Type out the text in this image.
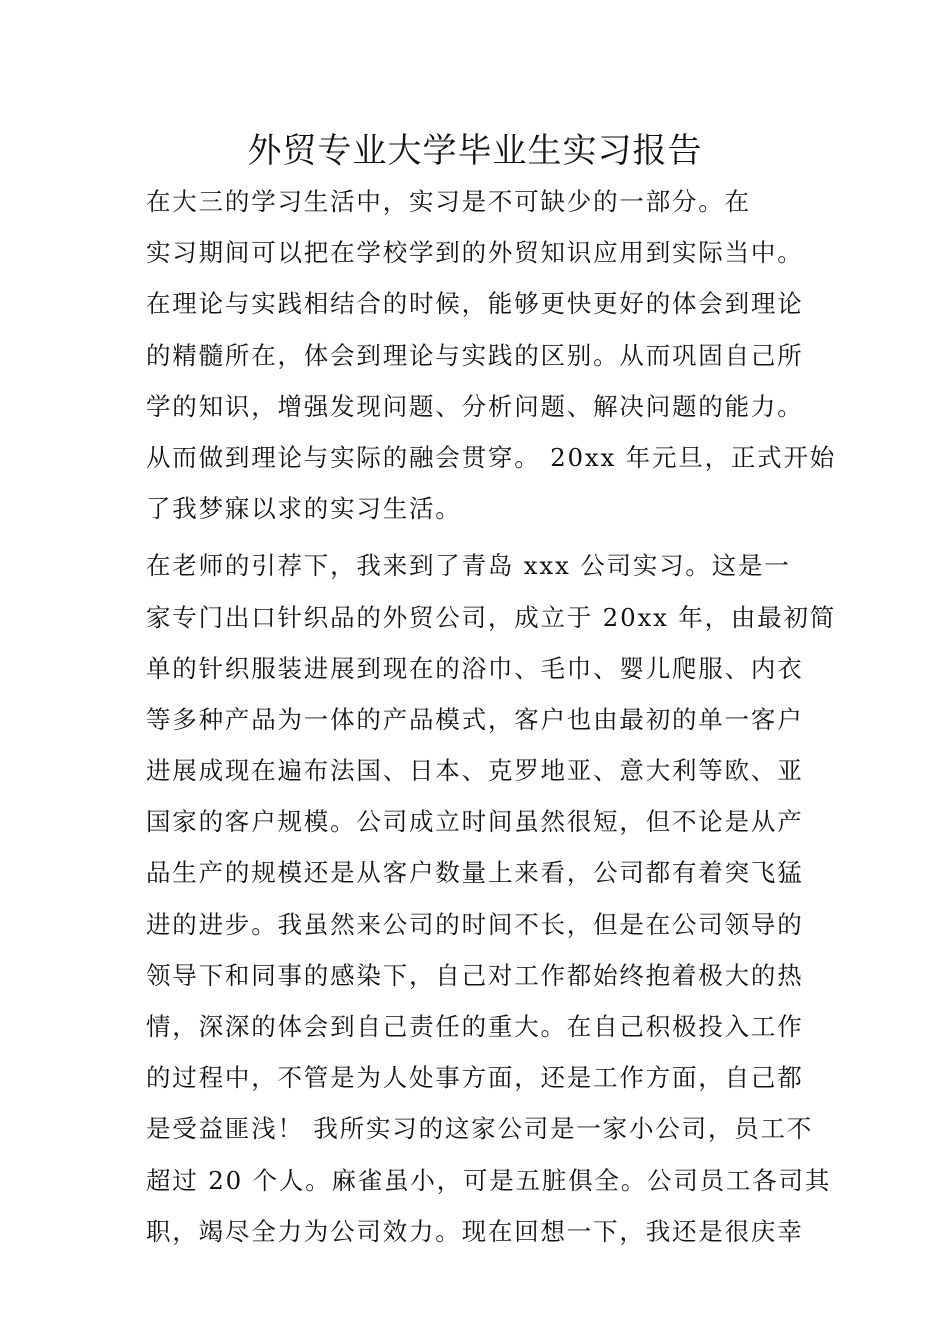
外贸专业大学毕业生实习报告
在大三的学习生活中，实习是不可缺少的一部分。在
实习期间可以把在学校学到的外贸知识应用到实际当中。
在理论与实践相结合的时候，能够更快更好的体会到理论
的精髓所在，体会到理论与实践的区别。从而巩固自己所
学的知识，增强发现问题、分析问题、解决问题的能力。
从而做到理论与实际的融会贯穿。 20xx 年元旦，正式开始
了我梦寐以求的实习生活。
在老师的引荐下，我来到了青岛 xxx 公司实习。这是一
家专门出口针织品的外贸公司，成立于 20xx 年，由最初简
单的针织服装进展到现在的浴巾、毛巾、婴儿爬服、内衣
等多种产品为一体的产品模式，客户也由最初的单一客户
进展成现在遍布法国、日本、克罗地亚、意大利等欧、亚
国家的客户规模。公司成立时间虽然很短，但不论是从产
品生产的规模还是从客户数量上来看，公司都有着突飞猛
进的进步。我虽然来公司的时间不长，但是在公司领导的
领导下和同事的感染下，自己对工作都始终抱着极大的热
情，深深的体会到自己责任的重大。在自己积极投入工作
的过程中，不管是为人处事方面，还是工作方面，自己都
是受益匪浅！ 我所实习的这家公司是一家小公司，员工不
超过 20 个人。麻雀虽小，可是五脏俱全。公司员工各司其
职，竭尽全力为公司效力。现在回想一下，我还是很庆幸
